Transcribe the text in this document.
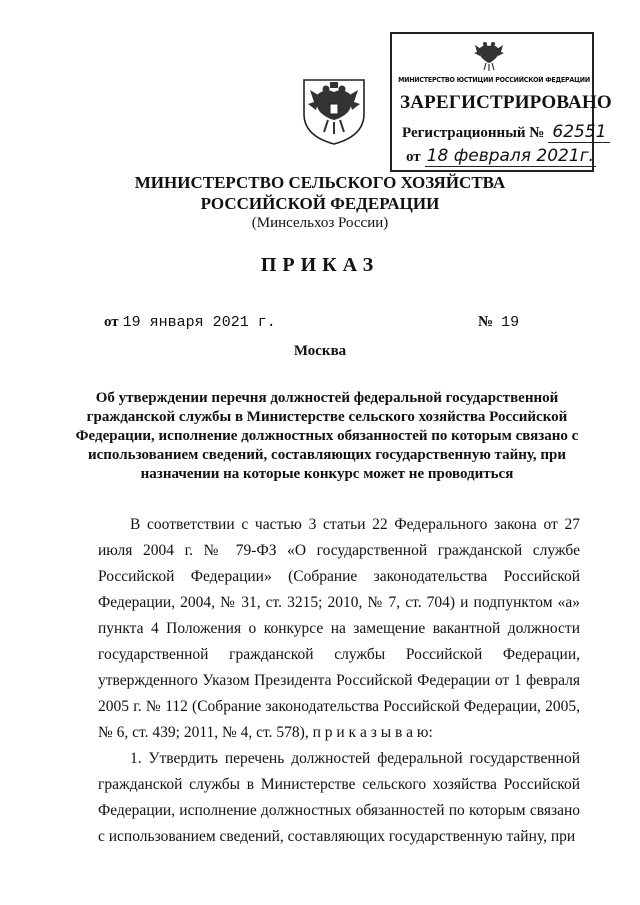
МИНИСТЕРСТВО ЮСТИЦИИ РОССИЙСКОЙ ФЕДЕРАЦИИ
ЗАРЕГИСТРИРОВАНО
Регистрационный № 62551
от 18 февраля 2021г.
МИНИСТЕРСТВО СЕЛЬСКОГО ХОЗЯЙСТВА
РОССИЙСКОЙ ФЕДЕРАЦИИ
(Минсельхоз России)
ПРИКАЗ
от 19 января 2021 г.	№ 19
Москва
Об утверждении перечня должностей федеральной государственной гражданской службы в Министерстве сельского хозяйства Российской Федерации, исполнение должностных обязанностей по которым связано с использованием сведений, составляющих государственную тайну, при назначении на которые конкурс может не проводиться

В соответствии с частью 3 статьи 22 Федерального закона от 27 июля 2004 г. № 79-ФЗ «О государственной гражданской службе Российской Федерации» (Собрание законодательства Российской Федерации, 2004, № 31, ст. 3215; 2010, № 7, ст. 704) и подпунктом «а» пункта 4 Положения о конкурсе на замещение вакантной должности государственной гражданской службы Российской Федерации, утвержденного Указом Президента Российской Федерации от 1 февраля 2005 г. № 112 (Собрание законодательства Российской Федерации, 2005, № 6, ст. 439; 2011, № 4, ст. 578), п р и к а з ы в а ю:

1. Утвердить перечень должностей федеральной государственной гражданской службы в Министерстве сельского хозяйства Российской Федерации, исполнение должностных обязанностей по которым связано с использованием сведений, составляющих государственную тайну, при
